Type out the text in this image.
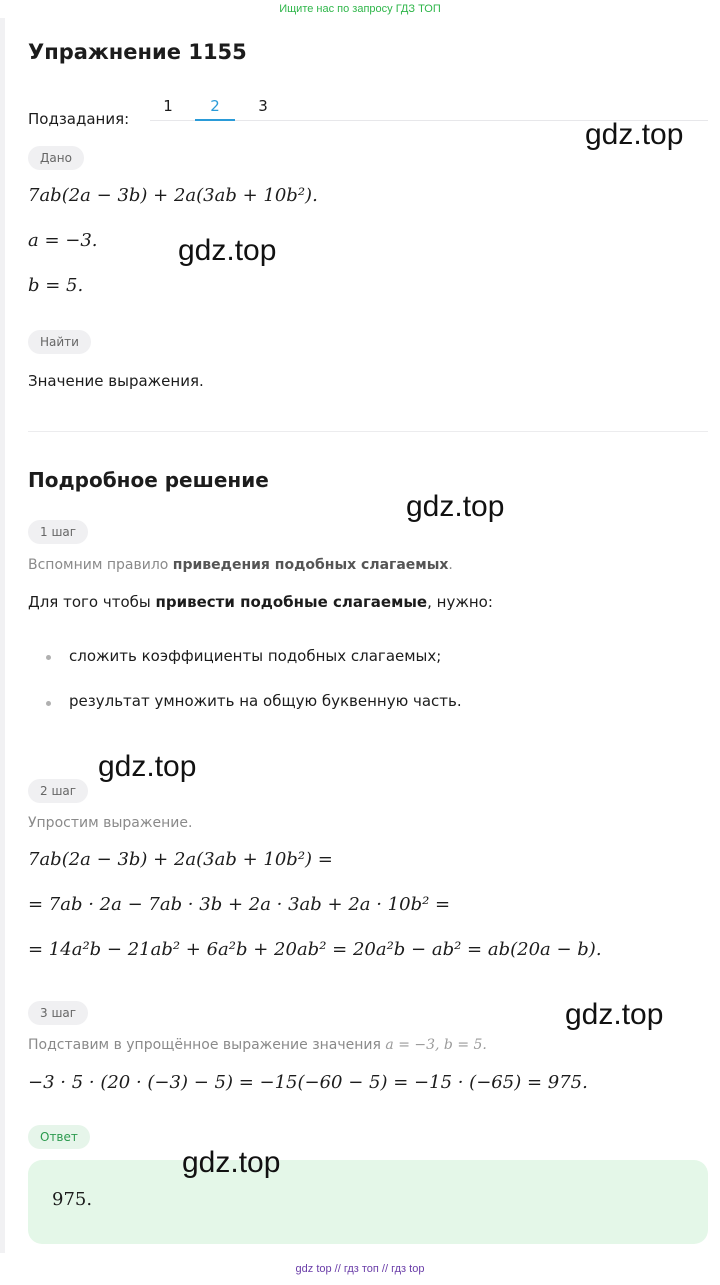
Ищите нас по запросу ГДЗ ТОП
Упражнение 1155
Подзадания:
1	2	3
Дано
7ab(2a − 3b) + 2a(3ab + 10b²).
a = −3.
b = 5.
Найти
Значение выражения.
Подробное решение
1 шаг
Вспомним правило приведения подобных слагаемых.
Для того чтобы привести подобные слагаемые, нужно:
сложить коэффициенты подобных слагаемых;
результат умножить на общую буквенную часть.
2 шаг
Упростим выражение.
7ab(2a − 3b) + 2a(3ab + 10b²) =
= 7ab · 2a − 7ab · 3b + 2a · 3ab + 2a · 10b² =
= 14a²b − 21ab² + 6a²b + 20ab² = 20a²b − ab² = ab(20a − b).
3 шаг
Подставим в упрощённое выражение значения a = −3, b = 5.
−3 · 5 · (20 · (−3) − 5) = −15(−60 − 5) = −15 · (−65) = 975.
Ответ
975.
gdz.top
gdz.top
gdz.top
gdz.top
gdz.top
gdz.top
gdz top // гдз топ // гдз top
